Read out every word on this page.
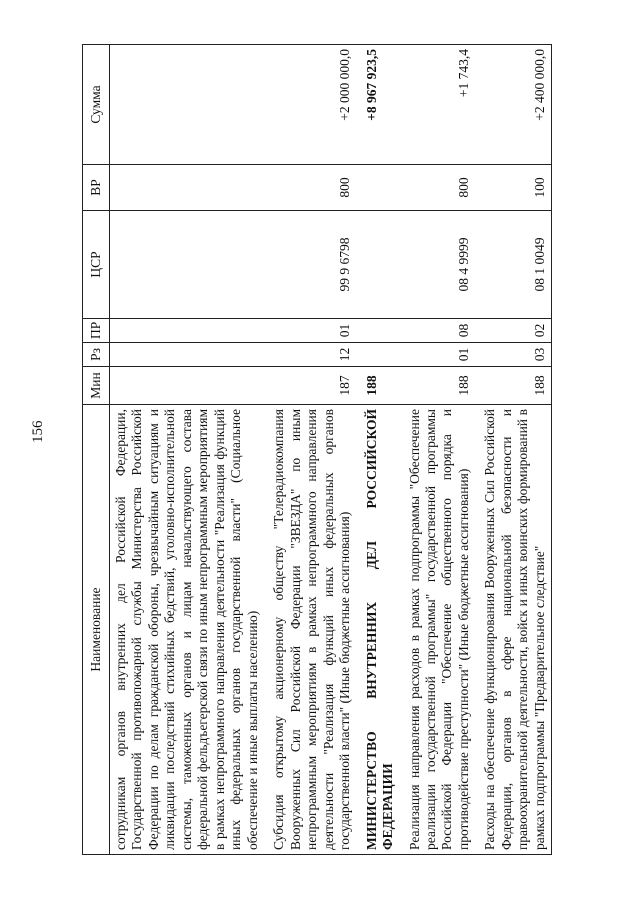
156
Наименование	Мин	Рз	ПР	ЦСР	ВР	Сумма
сотрудникам органов внутренних дел Российской Федерации, Государственной противопожарной службы Министерства Российской Федерации по делам гражданской обороны, чрезвычайным ситуациям и ликвидации последствий стихийных бедствий, уголовно-исполнительной системы, таможенных органов и лицам начальствующего состава федеральной фельдъегерской связи по иным непрограммным мероприятиям в рамках непрограммного направления деятельности "Реализация функций иных федеральных органов государственной власти" (Социальное обеспечение и иные выплаты населению)						

Субсидия открытому акционерному обществу "Телерадиокомпания Вооруженных Сил Российской Федерации "ЗВЕЗДА" по иным непрограммным мероприятиям в рамках непрограммного направления деятельности "Реализация функций иных федеральных органов государственной власти" (Иные бюджетные ассигнования)	187	12	01	99 9 6798	800	+2 000 000,0

МИНИСТЕРСТВО ВНУТРЕННИХ ДЕЛ РОССИЙСКОЙ ФЕДЕРАЦИИ	188					+8 967 923,5

Реализация направления расходов в рамках подпрограммы "Обеспечение реализации государственной программы" государственной программы Российской Федерации "Обеспечение общественного порядка и противодействие преступности" (Иные бюджетные ассигнования)	188	01	08	08 4 9999	800	+1 743,4

Расходы на обеспечение функционирования Вооруженных Сил Российской Федерации, органов в сфере национальной безопасности и правоохранительной деятельности, войск и иных воинских формирований в рамках подпрограммы "Предварительное следствие"	188	03	02	08 1 0049	100	+2 400 000,0
